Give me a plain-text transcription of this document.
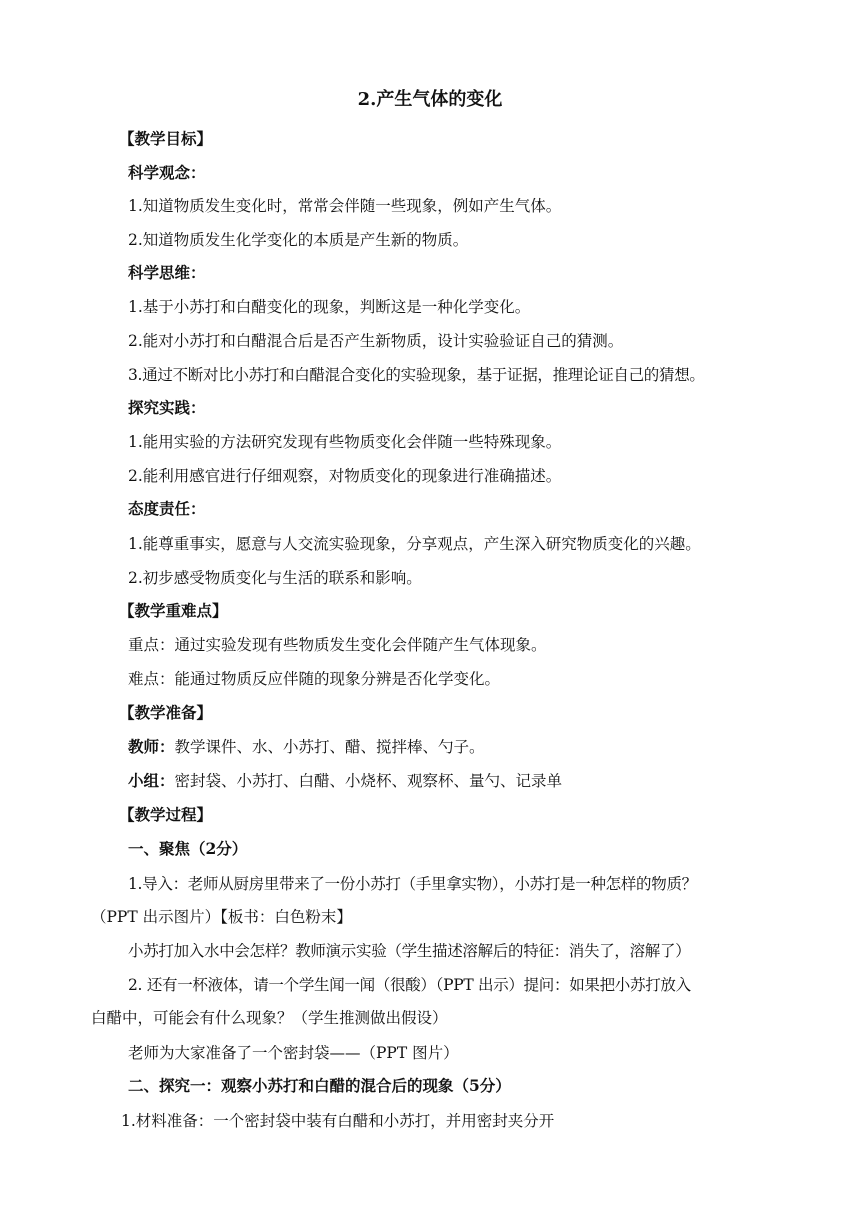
2.产生气体的变化
【教学目标】
科学观念：
1.知道物质发生变化时，常常会伴随一些现象，例如产生气体。
2.知道物质发生化学变化的本质是产生新的物质。
科学思维：
1.基于小苏打和白醋变化的现象，判断这是一种化学变化。
2.能对小苏打和白醋混合后是否产生新物质，设计实验验证自己的猜测。
3.通过不断对比小苏打和白醋混合变化的实验现象，基于证据，推理论证自己的猜想。
探究实践：
1.能用实验的方法研究发现有些物质变化会伴随一些特殊现象。
2.能利用感官进行仔细观察，对物质变化的现象进行准确描述。
态度责任：
1.能尊重事实，愿意与人交流实验现象，分享观点，产生深入研究物质变化的兴趣。
2.初步感受物质变化与生活的联系和影响。
【教学重难点】
重点：通过实验发现有些物质发生变化会伴随产生气体现象。
难点：能通过物质反应伴随的现象分辨是否化学变化。
【教学准备】
教师：教学课件、水、小苏打、醋、搅拌棒、勺子。
小组：密封袋、小苏打、白醋、小烧杯、观察杯、量勺、记录单
【教学过程】
一、聚焦（2分）
1.导入：老师从厨房里带来了一份小苏打（手里拿实物），小苏打是一种怎样的物质？
（PPT 出示图片）【板书：白色粉末】
小苏打加入水中会怎样？教师演示实验（学生描述溶解后的特征：消失了，溶解了）
2. 还有一杯液体，请一个学生闻一闻（很酸）（PPT 出示）提问：如果把小苏打放入
白醋中，可能会有什么现象？（学生推测做出假设）
老师为大家准备了一个密封袋——（PPT 图片）
二、探究一：观察小苏打和白醋的混合后的现象（5分）
1.材料准备：一个密封袋中装有白醋和小苏打，并用密封夹分开
